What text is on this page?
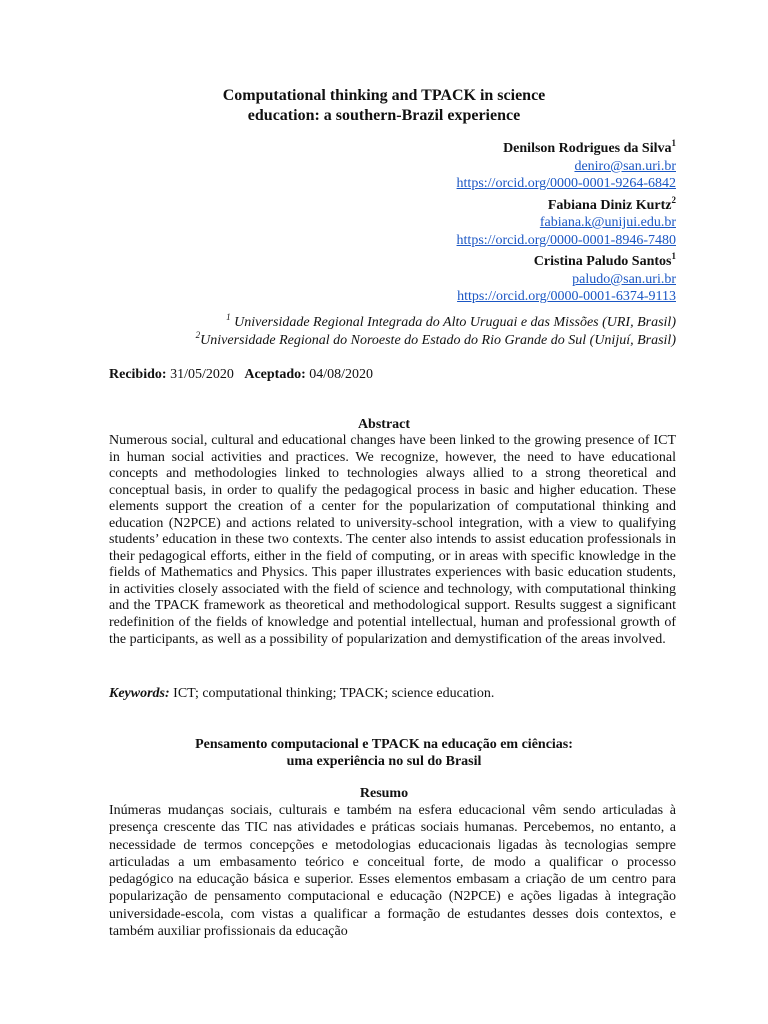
Computational thinking and TPACK in science
education: a southern-Brazil experience
Denilson Rodrigues da Silva$^1$
deniro@san.uri.br
https://orcid.org/0000-0001-9264-6842
Fabiana Diniz Kurtz$^2$
fabiana.k@unijui.edu.br
https://orcid.org/0000-0001-8946-7480
Cristina Paludo Santos$^1$
paludo@san.uri.br
https://orcid.org/0000-0001-6374-9113
$^1$ Universidade Regional Integrada do Alto Uruguai e das Missões (URI, Brasil)
$^2$Universidade Regional do Noroeste do Estado do Rio Grande do Sul (Unijuí, Brasil)
Recibido: 31/05/2020 Aceptado: 04/08/2020
Abstract
Numerous social, cultural and educational changes have been linked to the growing presence of ICT in human social activities and practices. We recognize, however, the need to have educational concepts and methodologies linked to technologies always allied to a strong theoretical and conceptual basis, in order to qualify the pedagogical process in basic and higher education. These elements support the creation of a center for the popularization of computational thinking and education (N2PCE) and actions related to university-school integration, with a view to qualifying students’ education in these two contexts. The center also intends to assist education professionals in their pedagogical efforts, either in the field of computing, or in areas with specific knowledge in the fields of Mathematics and Physics. This paper illustrates experiences with basic education students, in activities closely associated with the field of science and technology, with computational thinking and the TPACK framework as theoretical and methodological support. Results suggest a significant redefinition of the fields of knowledge and potential intellectual, human and professional growth of the participants, as well as a possibility of popularization and demystification of the areas involved.
Keywords: ICT; computational thinking; TPACK; science education.
Pensamento computacional e TPACK na educação em ciências:
uma experiência no sul do Brasil
Resumo
Inúmeras mudanças sociais, culturais e também na esfera educacional vêm sendo articuladas à presença crescente das TIC nas atividades e práticas sociais humanas. Percebemos, no entanto, a necessidade de termos concepções e metodologias educacionais ligadas às tecnologias sempre articuladas a um embasamento teórico e conceitual forte, de modo a qualificar o processo pedagógico na educação básica e superior. Esses elementos embasam a criação de um centro para popularização de pensamento computacional e educação (N2PCE) e ações ligadas à integração universidade-escola, com vistas a qualificar a formação de estudantes desses dois contextos, e também auxiliar profissionais da educação
